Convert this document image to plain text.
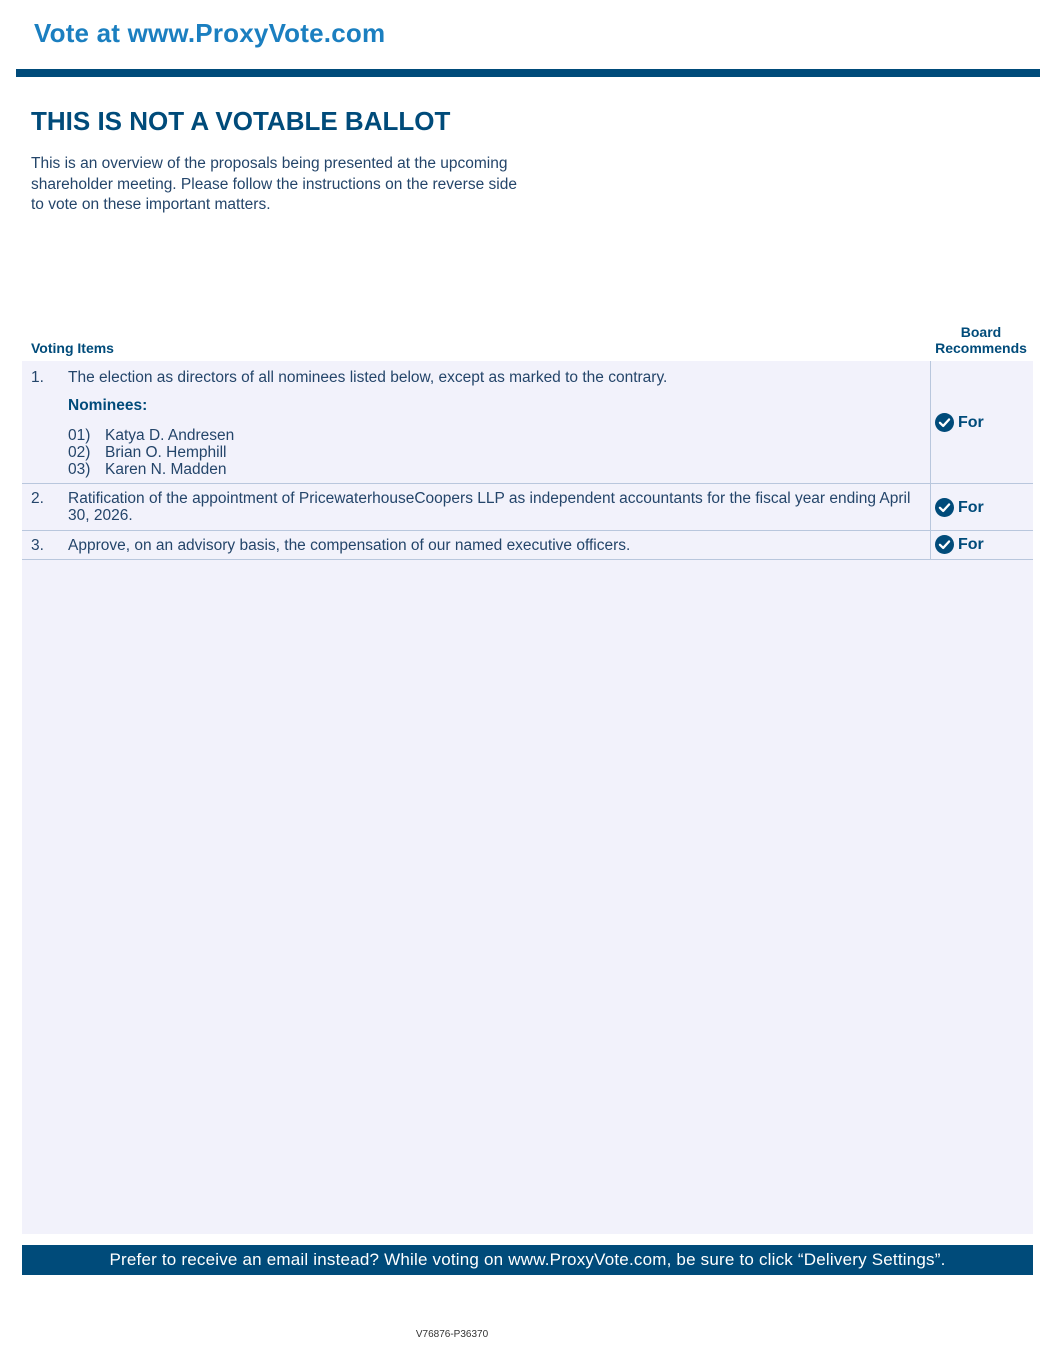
Vote at www.ProxyVote.com
THIS IS NOT A VOTABLE BALLOT
This is an overview of the proposals being presented at the upcoming shareholder meeting. Please follow the instructions on the reverse side to vote on these important matters.
Voting Items
Board
Recommends
1. The election as directors of all nominees listed below, except as marked to the contrary.
Nominees:
01) Katya D. Andresen
02) Brian O. Hemphill
03) Karen N. Madden
For
2. Ratification of the appointment of PricewaterhouseCoopers LLP as independent accountants for the fiscal year ending April 30, 2026.	For
3. Approve, on an advisory basis, the compensation of our named executive officers.	For
Prefer to receive an email instead? While voting on www.ProxyVote.com, be sure to click “Delivery Settings”.
V76876-P36370
